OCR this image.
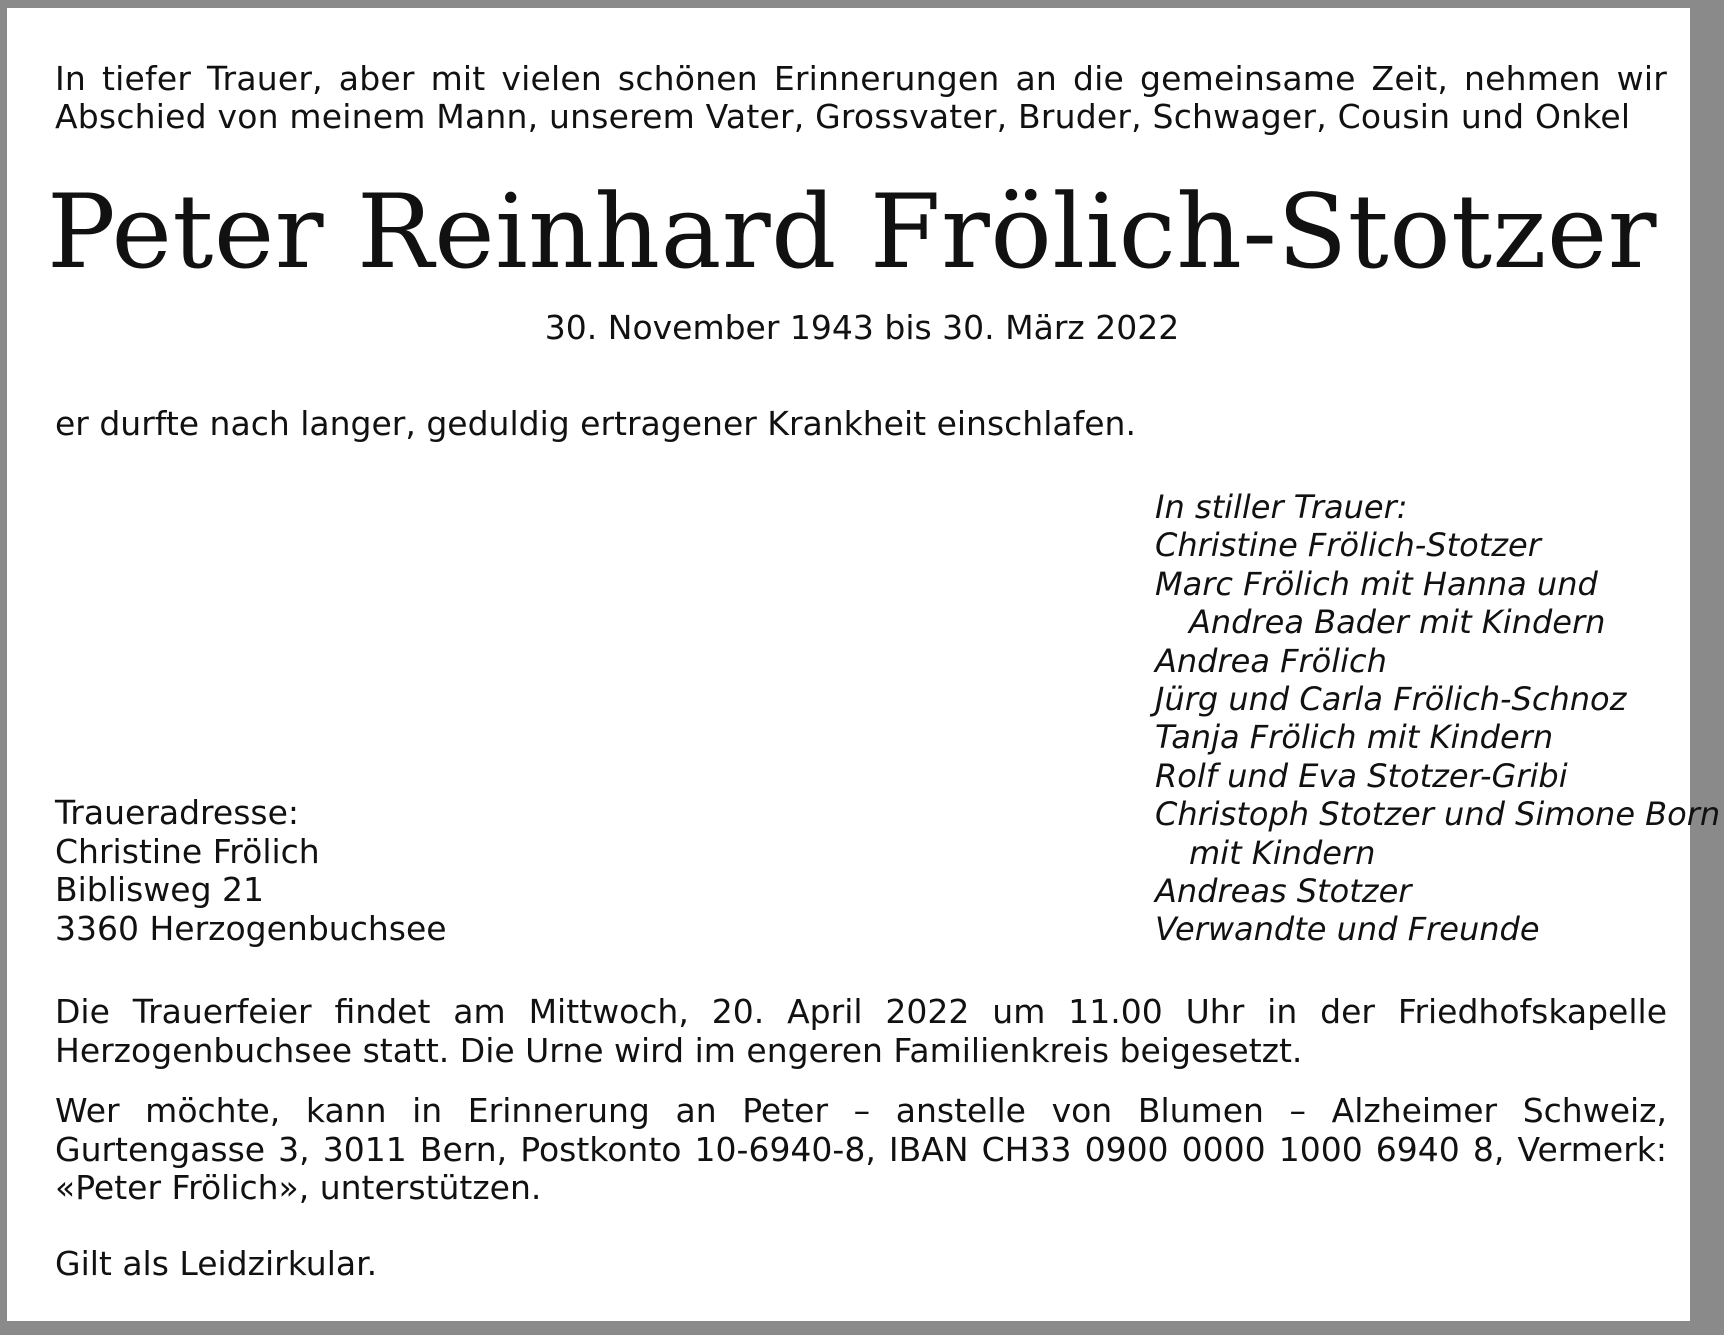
In tiefer Trauer, aber mit vielen schönen Erinnerungen an die gemeinsame Zeit, nehmen wir Abschied von meinem Mann, unserem Vater, Grossvater, Bruder, Schwager, Cousin und Onkel

Peter Reinhard Frölich-Stotzer
30. November 1943 bis 30. März 2022

er durfte nach langer, geduldig ertragener Krankheit einschlafen.

In stiller Trauer:
Christine Frölich-Stotzer
Marc Frölich mit Hanna und
Andrea Bader mit Kindern
Andrea Frölich
Jürg und Carla Frölich-Schnoz
Tanja Frölich mit Kindern
Rolf und Eva Stotzer-Gribi
Christoph Stotzer und Simone Born
mit Kindern
Andreas Stotzer
Verwandte und Freunde
Traueradresse:
Christine Frölich
Biblisweg 21
3360 Herzogenbuchsee

Die Trauerfeier findet am Mittwoch, 20. April 2022 um 11.00 Uhr in der Friedhofskapelle Herzogenbuchsee statt. Die Urne wird im engeren Familienkreis beigesetzt.

Wer möchte, kann in Erinnerung an Peter – anstelle von Blumen – Alzheimer Schweiz, Gurtengasse 3, 3011 Bern, Postkonto 10-6940-8, IBAN CH33 0900 0000 1000 6940 8, Vermerk: «Peter Frölich», unterstützen.

Gilt als Leidzirkular.
